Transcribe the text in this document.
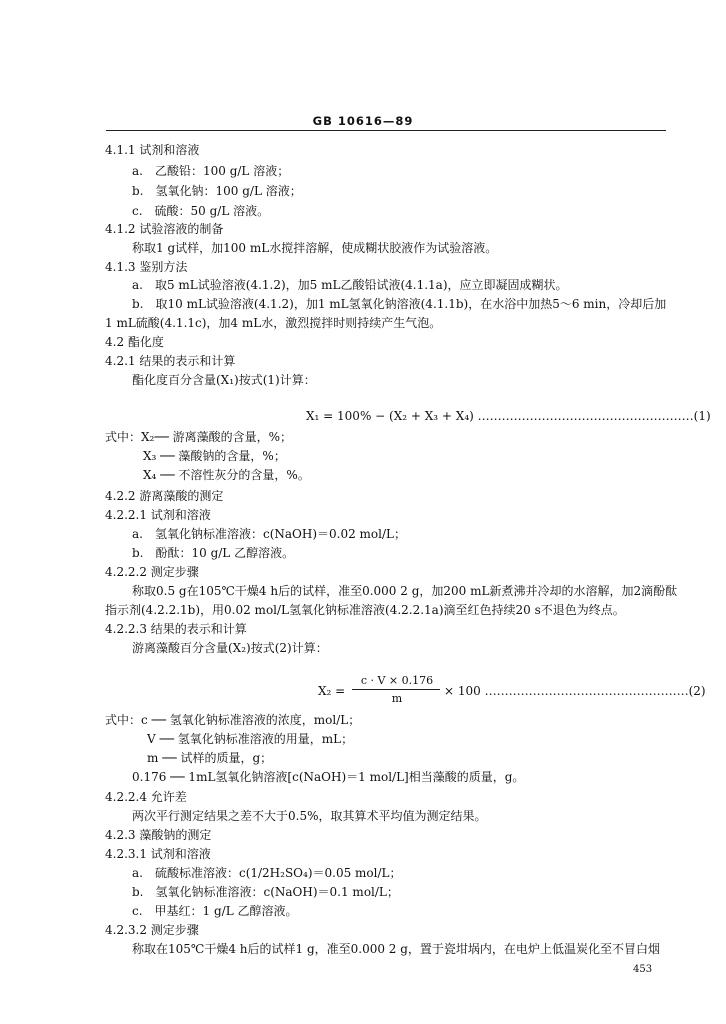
GB 10616—89
4.1.1 试剂和溶液
a.　乙酸铅：100 g/L 溶液；
b.　氢氧化钠：100 g/L 溶液；
c.　硫酸：50 g/L 溶液。
4.1.2 试验溶液的制备
称取1 g试样，加100 mL水搅拌溶解，使成糊状胶液作为试验溶液。
4.1.3 鉴别方法
a.　取5 mL试验溶液(4.1.2)，加5 mL乙酸铅试液(4.1.1a)，应立即凝固成糊状。
b.　取10 mL试验溶液(4.1.2)，加1 mL氢氧化钠溶液(4.1.1b)，在水浴中加热5～6 min，冷却后加
1 mL硫酸(4.1.1c)，加4 mL水，激烈搅拌时则持续产生气泡。
4.2 酯化度
4.2.1 结果的表示和计算
酯化度百分含量(X₁)按式(1)计算：
X₁ = 100% − (X₂ + X₃ + X₄) ………………………………………………(1)
式中：X₂── 游离藻酸的含量，%；
X₃ ── 藻酸钠的含量，%；
X₄ ── 不溶性灰分的含量，%。
4.2.2 游离藻酸的测定
4.2.2.1 试剂和溶液
a.　氢氧化钠标准溶液：c(NaOH)＝0.02 mol/L；
b.　酚酞：10 g/L 乙醇溶液。
4.2.2.2 测定步骤
称取0.5 g在105℃干燥4 h后的试样，准至0.000 2 g，加200 mL新煮沸并冷却的水溶解，加2滴酚酞
指示剂(4.2.2.1b)，用0.02 mol/L氢氧化钠标准溶液(4.2.2.1a)滴至红色持续20 s不退色为终点。
4.2.2.3 结果的表示和计算
游离藻酸百分含量(X₂)按式(2)计算：
X₂ =
c · V × 0.176
m
× 100 ……………………………………………(2)
式中：c ── 氢氧化钠标准溶液的浓度，mol/L；
V ── 氢氧化钠标准溶液的用量，mL；
m ── 试样的质量，g；
0.176 ── 1mL氢氧化钠溶液[c(NaOH)＝1 mol/L]相当藻酸的质量，g。
4.2.2.4 允许差
两次平行测定结果之差不大于0.5%，取其算术平均值为测定结果。
4.2.3 藻酸钠的测定
4.2.3.1 试剂和溶液
a.　硫酸标准溶液：c(1/2H₂SO₄)＝0.05 mol/L；
b.　氢氧化钠标准溶液：c(NaOH)＝0.1 mol/L；
c.　甲基红：1 g/L 乙醇溶液。
4.2.3.2 测定步骤
称取在105℃干燥4 h后的试样1 g，准至0.000 2 g，置于瓷坩埚内，在电炉上低温炭化至不冒白烟
453
